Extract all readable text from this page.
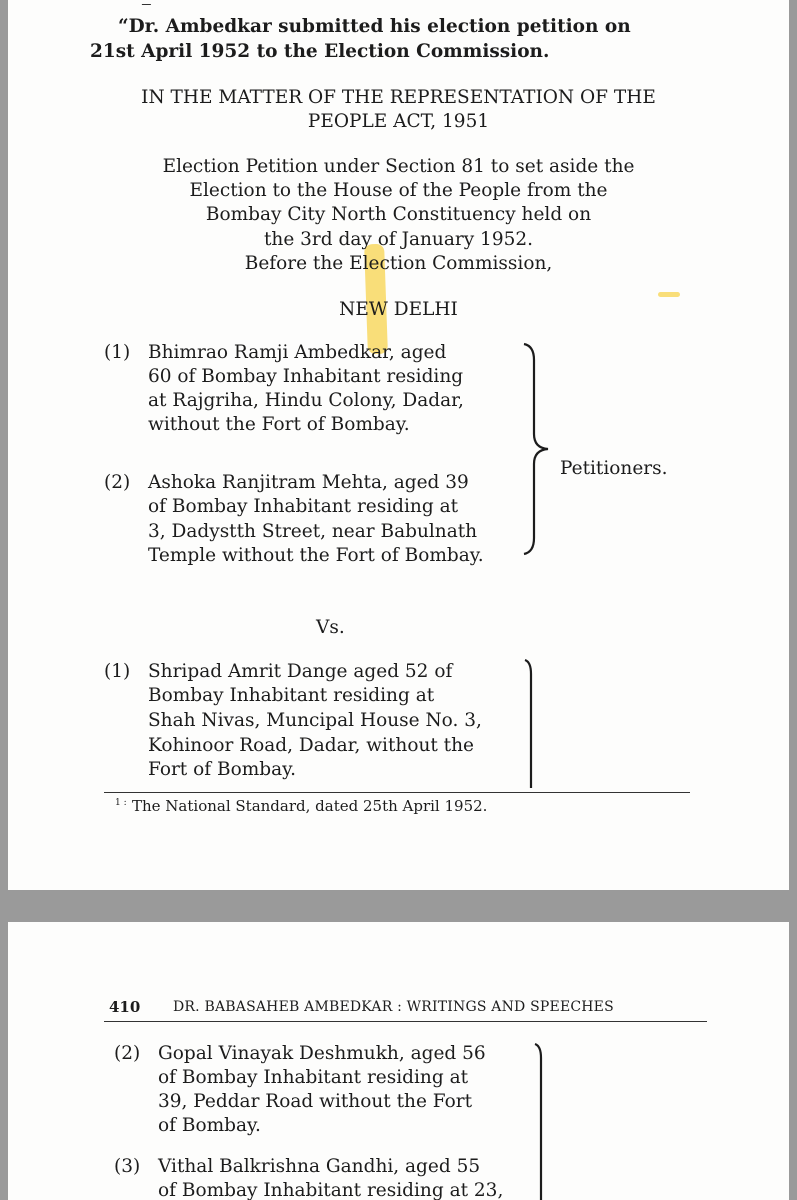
“Dr. Ambedkar submitted his election petition on
21st April 1952 to the Election Commission.
IN THE MATTER OF THE REPRESENTATION OF THE
PEOPLE ACT, 1951
Election Petition under Section 81 to set aside the
Election to the House of the People from the
Bombay City North Constituency held on
the 3rd day of January 1952.
Before the Election Commission,
NEW DELHI
(1) Bhimrao Ramji Ambedkar, aged
60 of Bombay Inhabitant residing
at Rajgriha, Hindu Colony, Dadar,
without the Fort of Bombay.
(2) Ashoka Ranjitram Mehta, aged 39
of Bombay Inhabitant residing at
3, Dadystth Street, near Babulnath
Temple without the Fort of Bombay.
Petitioners.
Vs.
(1) Shripad Amrit Dange aged 52 of
Bombay Inhabitant residing at
Shah Nivas, Muncipal House No. 3,
Kohinoor Road, Dadar, without the
Fort of Bombay.
1 : The National Standard, dated 25th April 1952.
410 DR. BABASAHEB AMBEDKAR : WRITINGS AND SPEECHES
(2) Gopal Vinayak Deshmukh, aged 56
of Bombay Inhabitant residing at
39, Peddar Road without the Fort
of Bombay.
(3) Vithal Balkrishna Gandhi, aged 55
of Bombay Inhabitant residing at 23,
